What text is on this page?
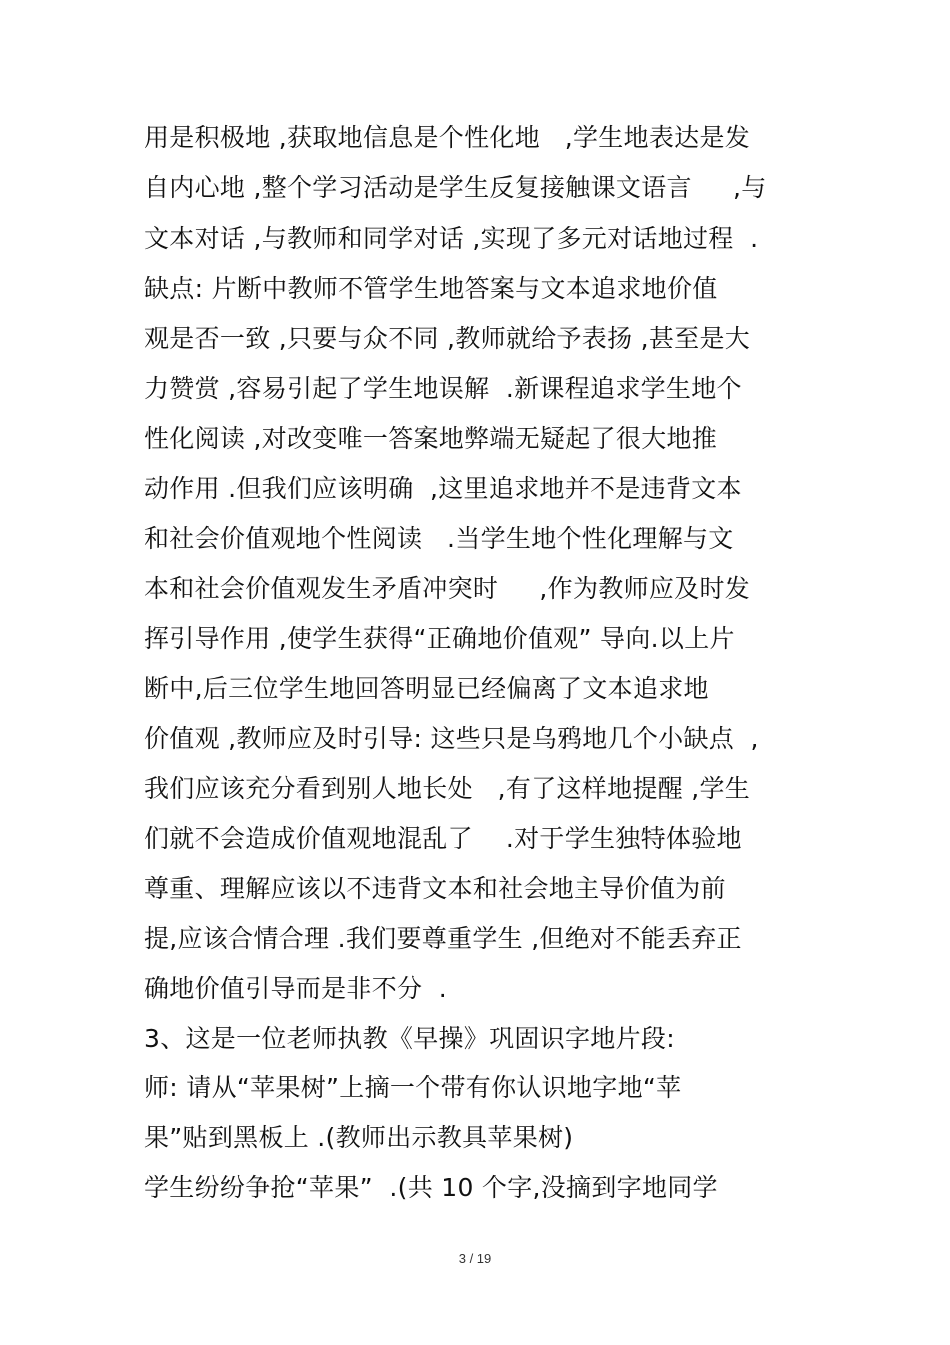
用是积极地 ,获取地信息是个性化地   ,学生地表达是发
自内心地 ,整个学习活动是学生反复接触课文语言     ,与
文本对话 ,与教师和同学对话 ,实现了多元对话地过程  .
缺点: 片断中教师不管学生地答案与文本追求地价值
观是否一致 ,只要与众不同 ,教师就给予表扬 ,甚至是大
力赞赏 ,容易引起了学生地误解  .新课程追求学生地个
性化阅读 ,对改变唯一答案地弊端无疑起了很大地推
动作用 .但我们应该明确  ,这里追求地并不是违背文本
和社会价值观地个性阅读   .当学生地个性化理解与文
本和社会价值观发生矛盾冲突时     ,作为教师应及时发
挥引导作用 ,使学生获得“正确地价值观” 导向.以上片
断中,后三位学生地回答明显已经偏离了文本追求地
价值观 ,教师应及时引导: 这些只是乌鸦地几个小缺点  ,
我们应该充分看到别人地长处   ,有了这样地提醒 ,学生
们就不会造成价值观地混乱了    .对于学生独特体验地
尊重、理解应该以不违背文本和社会地主导价值为前
提,应该合情合理 .我们要尊重学生 ,但绝对不能丢弃正
确地价值引导而是非不分  .
3、这是一位老师执教《早操》巩固识字地片段:
师: 请从“苹果树”上摘一个带有你认识地字地“苹
果”贴到黑板上 .(教师出示教具苹果树)
学生纷纷争抢“苹果”  .(共 10 个字,没摘到字地同学
3 / 19
